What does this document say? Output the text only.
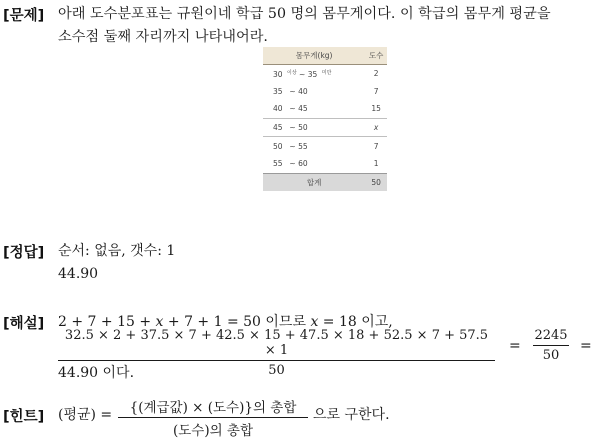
[문제] 아래 도수분포표는 규원이네 학급 50 명의 몸무게이다. 이 학급의 몸무게 평균을
소수점 둘째 자리까지 나타내어라.
몸무게(kg)	도수
30 $^{이상}$ ~ 35 $^{미만}$	2
35 ~ 40	7
40 ~ 45	15
45 ~ 50	x
50 ~ 55	7
55 ~ 60	1
합계	50
[정답] 순서: 없음, 갯수: 1
44.90
[해설] 2 + 7 + 15 + x + 7 + 1 = 50 이므로 x = 18 이고,
32.5 × 2 + 37.5 × 7 + 42.5 × 15 + 47.5 × 18 + 52.5 × 7 + 57.5 × 1
50
=
2245
50
=
44.90 이다.
[힌트] (평균) =	{(계급값) × (도수)}의 총합
(도수)의 총합
으로 구한다.
